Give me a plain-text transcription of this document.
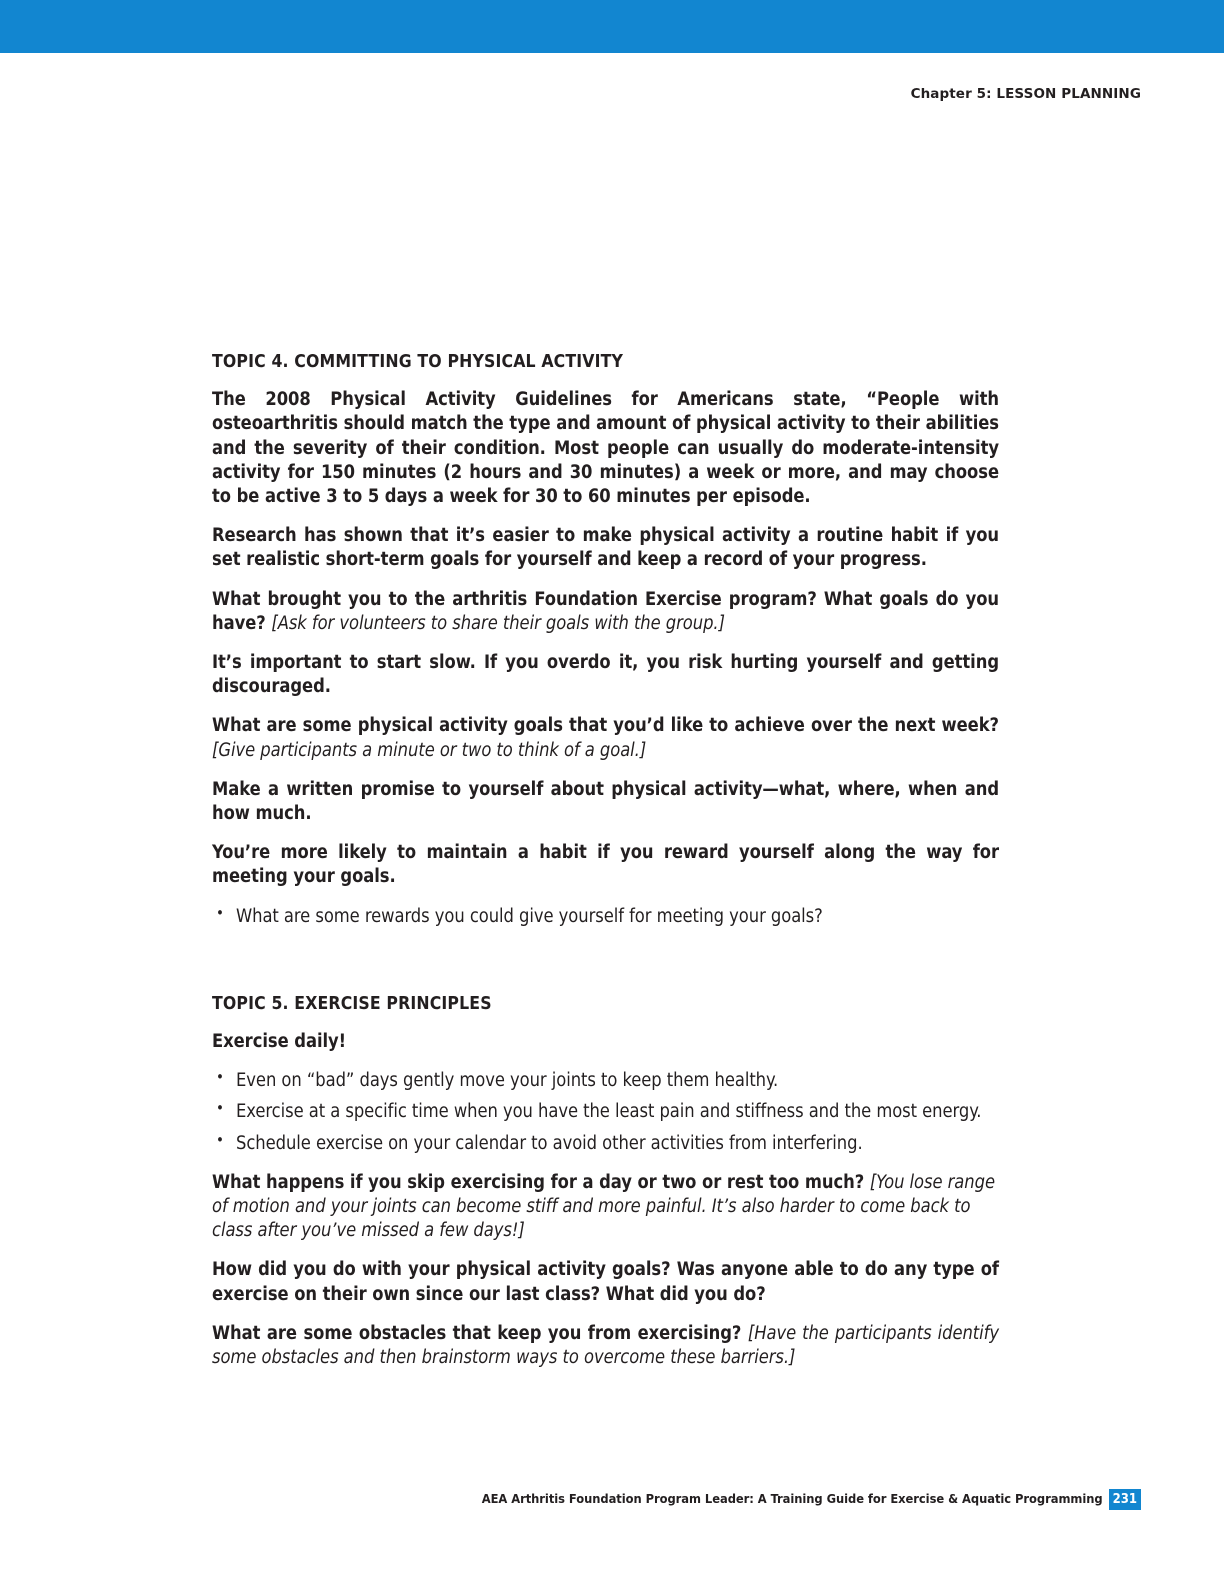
Chapter 5: LESSON PLANNING
TOPIC 4. COMMITTING TO PHYSICAL ACTIVITY

The 2008 Physical Activity Guidelines for Americans state, “People with osteoarthritis should match the type and amount of physical activity to their abilities and the severity of their condition. Most people can usually do moderate-intensity activity for 150 minutes (2 hours and 30 minutes) a week or more, and may choose to be active 3 to 5 days a week for 30 to 60 minutes per episode.

Research has shown that it’s easier to make physical activity a routine habit if you set realistic short-term goals for yourself and keep a record of your progress.

What brought you to the arthritis Foundation Exercise program? What goals do you have? [Ask for volunteers to share their goals with the group.]

It’s important to start slow. If you overdo it, you risk hurting yourself and getting discouraged.

What are some physical activity goals that you’d like to achieve over the next week? [Give participants a minute or two to think of a goal.]

Make a written promise to yourself about physical activity—what, where, when and how much.

You’re more likely to maintain a habit if you reward yourself along the way for meeting your goals.

• What are some rewards you could give yourself for meeting your goals?
TOPIC 5. EXERCISE PRINCIPLES

Exercise daily!

• Even on “bad” days gently move your joints to keep them healthy.
• Exercise at a specific time when you have the least pain and stiffness and the most energy.
• Schedule exercise on your calendar to avoid other activities from interfering.

What happens if you skip exercising for a day or two or rest too much? [You lose range of motion and your joints can become stiff and more painful. It’s also harder to come back to class after you’ve missed a few days!]

How did you do with your physical activity goals? Was anyone able to do any type of exercise on their own since our last class? What did you do?

What are some obstacles that keep you from exercising? [Have the participants identify some obstacles and then brainstorm ways to overcome these barriers.]

AEA Arthritis Foundation Program Leader: A Training Guide for Exercise & Aquatic Programming 231
